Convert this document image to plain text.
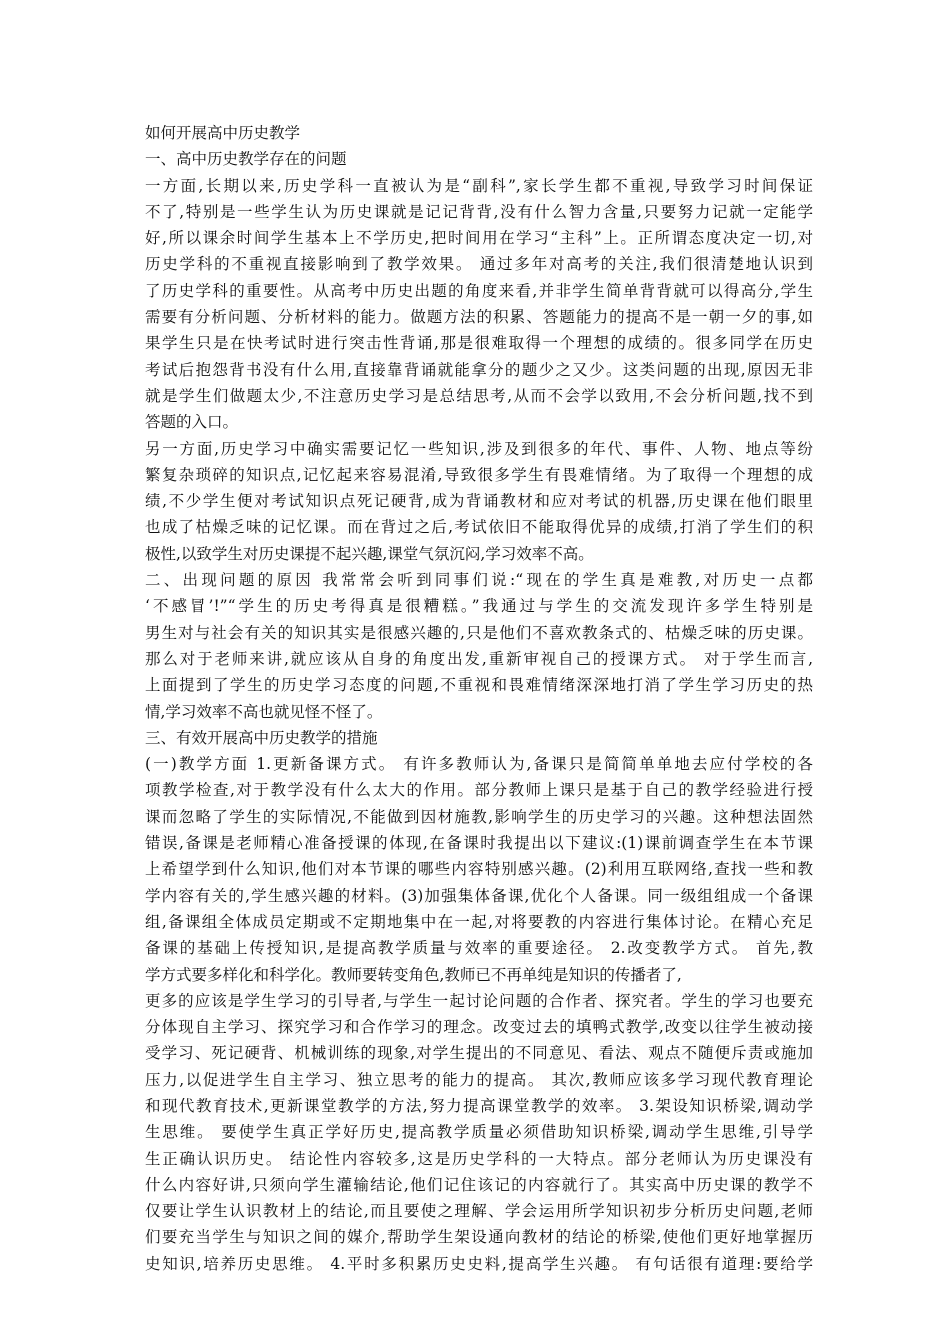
如何开展高中历史教学
一、高中历史教学存在的问题
一方面,长期以来,历史学科一直被认为是“副科”,家长学生都不重视,导致学习时间保证
不了,特别是一些学生认为历史课就是记记背背,没有什么智力含量,只要努力记就一定能学
好,所以课余时间学生基本上不学历史,把时间用在学习“主科”上。正所谓态度决定一切,对
历史学科的不重视直接影响到了教学效果。 通过多年对高考的关注,我们很清楚地认识到
了历史学科的重要性。从高考中历史出题的角度来看,并非学生简单背背就可以得高分,学生
需要有分析问题、分析材料的能力。做题方法的积累、答题能力的提高不是一朝一夕的事,如
果学生只是在快考试时进行突击性背诵,那是很难取得一个理想的成绩的。很多同学在历史
考试后抱怨背书没有什么用,直接靠背诵就能拿分的题少之又少。这类问题的出现,原因无非
就是学生们做题太少,不注意历史学习是总结思考,从而不会学以致用,不会分析问题,找不到
答题的入口。
另一方面,历史学习中确实需要记忆一些知识,涉及到很多的年代、事件、人物、地点等纷
繁复杂琐碎的知识点,记忆起来容易混淆,导致很多学生有畏难情绪。为了取得一个理想的成
绩,不少学生便对考试知识点死记硬背,成为背诵教材和应对考试的机器,历史课在他们眼里
也成了枯燥乏味的记忆课。而在背过之后,考试依旧不能取得优异的成绩,打消了学生们的积
极性,以致学生对历史课提不起兴趣,课堂气氛沉闷,学习效率不高。
二、出现问题的原因 我常常会听到同事们说:“现在的学生真是难教,对历史一点都
‘不感冒’!”“学生的历史考得真是很糟糕。”我通过与学生的交流发现许多学生特别是
男生对与社会有关的知识其实是很感兴趣的,只是他们不喜欢教条式的、枯燥乏味的历史课。
那么对于老师来讲,就应该从自身的角度出发,重新审视自己的授课方式。 对于学生而言,
上面提到了学生的历史学习态度的问题,不重视和畏难情绪深深地打消了学生学习历史的热
情,学习效率不高也就见怪不怪了。
三、有效开展高中历史教学的措施
(一)教学方面 1.更新备课方式。 有许多教师认为,备课只是简简单单地去应付学校的各
项教学检查,对于教学没有什么太大的作用。部分教师上课只是基于自己的教学经验进行授
课而忽略了学生的实际情况,不能做到因材施教,影响学生的历史学习的兴趣。这种想法固然
错误,备课是老师精心准备授课的体现,在备课时我提出以下建议:(1)课前调查学生在本节课
上希望学到什么知识,他们对本节课的哪些内容特别感兴趣。(2)利用互联网络,查找一些和教
学内容有关的,学生感兴趣的材料。(3)加强集体备课,优化个人备课。同一级组组成一个备课
组,备课组全体成员定期或不定期地集中在一起,对将要教的内容进行集体讨论。在精心充足
备课的基础上传授知识,是提高教学质量与效率的重要途径。 2.改变教学方式。 首先,教
学方式要多样化和科学化。教师要转变角色,教师已不再单纯是知识的传播者了,
更多的应该是学生学习的引导者,与学生一起讨论问题的合作者、探究者。学生的学习也要充
分体现自主学习、探究学习和合作学习的理念。改变过去的填鸭式教学,改变以往学生被动接
受学习、死记硬背、机械训练的现象,对学生提出的不同意见、看法、观点不随便斥责或施加
压力,以促进学生自主学习、独立思考的能力的提高。 其次,教师应该多学习现代教育理论
和现代教育技术,更新课堂教学的方法,努力提高课堂教学的效率。 3.架设知识桥梁,调动学
生思维。 要使学生真正学好历史,提高教学质量必须借助知识桥梁,调动学生思维,引导学
生正确认识历史。 结论性内容较多,这是历史学科的一大特点。部分老师认为历史课没有
什么内容好讲,只须向学生灌输结论,他们记住该记的内容就行了。其实高中历史课的教学不
仅要让学生认识教材上的结论,而且要使之理解、学会运用所学知识初步分析历史问题,老师
们要充当学生与知识之间的媒介,帮助学生架设通向教材的结论的桥梁,使他们更好地掌握历
史知识,培养历史思维。 4.平时多积累历史史料,提高学生兴趣。 有句话很有道理:要给学
